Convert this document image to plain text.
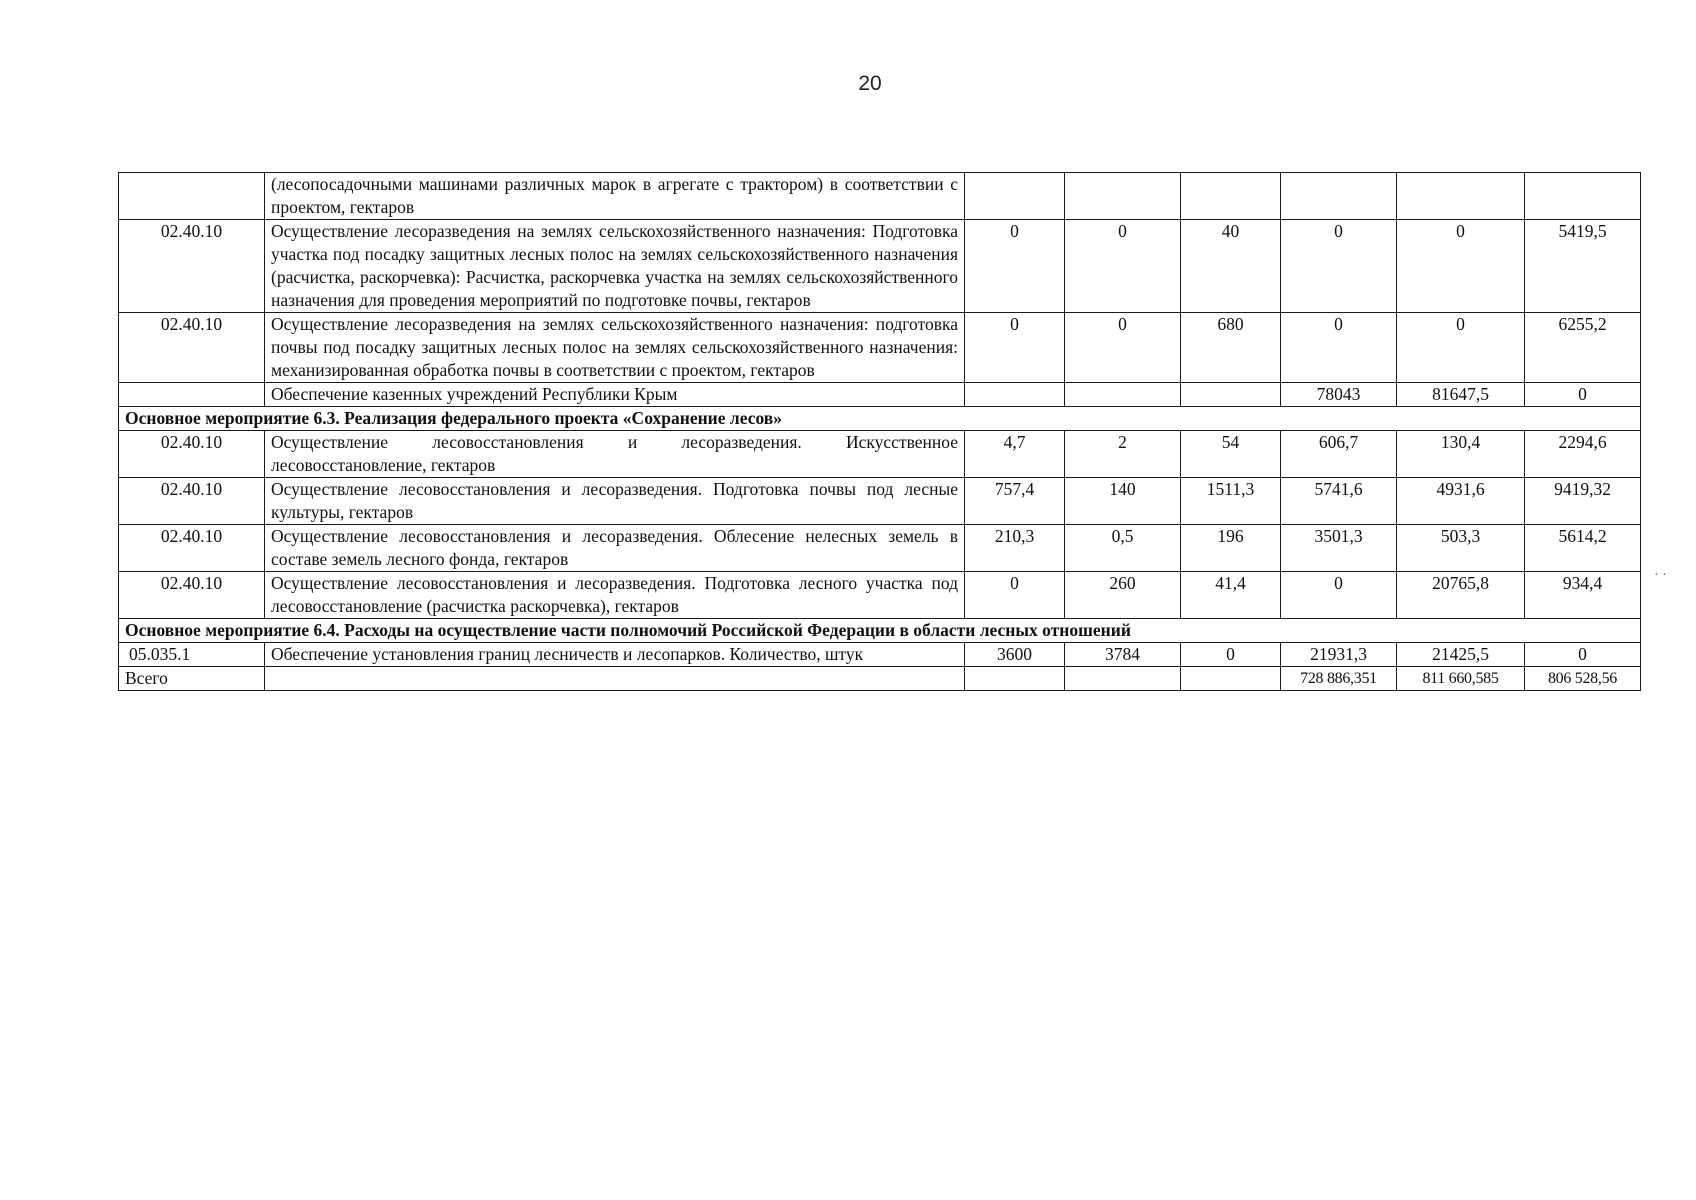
20
	(лесопосадочными машинами различных марок в агрегате с трактором) в соответствии с проектом, гектаров						
02.40.10	Осуществление лесоразведения на землях сельскохозяйственного назначения: Подготовка участка под посадку защитных лесных полос на землях сельскохозяйственного назначения (расчистка, раскорчевка): Расчистка, раскорчевка участка на землях сельскохозяйственного назначения для проведения мероприятий по подготовке почвы, гектаров	0	0	40	0	0	5419,5
02.40.10	Осуществление лесоразведения на землях сельскохозяйственного назначения: подготовка почвы под посадку защитных лесных полос на землях сельскохозяйственного назначения: механизированная обработка почвы в соответствии с проектом, гектаров	0	0	680	0	0	6255,2
	Обеспечение казенных учреждений Республики Крым				78043	81647,5	0
Основное мероприятие 6.3. Реализация федерального проекта «Сохранение лесов»							
02.40.10	Осуществление лесовосстановления и лесоразведения. Искусственное лесовосстановление, гектаров	4,7	2	54	606,7	130,4	2294,6
02.40.10	Осуществление лесовосстановления и лесоразведения. Подготовка почвы под лесные культуры, гектаров	757,4	140	1511,3	5741,6	4931,6	9419,32
02.40.10	Осуществление лесовосстановления и лесоразведения. Облесение нелесных земель в составе земель лесного фонда, гектаров	210,3	0,5	196	3501,3	503,3	5614,2
02.40.10	Осуществление лесовосстановления и лесоразведения. Подготовка лесного участка под лесовосстановление (расчистка раскорчевка), гектаров	0	260	41,4	0	20765,8	934,4
Основное мероприятие 6.4. Расходы на осуществление части полномочий Российской Федерации в области лесных отношений							
05.035.1	Обеспечение установления границ лесничеств и лесопарков. Количество, штук	3600	3784	0	21931,3	21425,5	0
Всего					728 886,351	811 660,585	806 528,56
· ·
